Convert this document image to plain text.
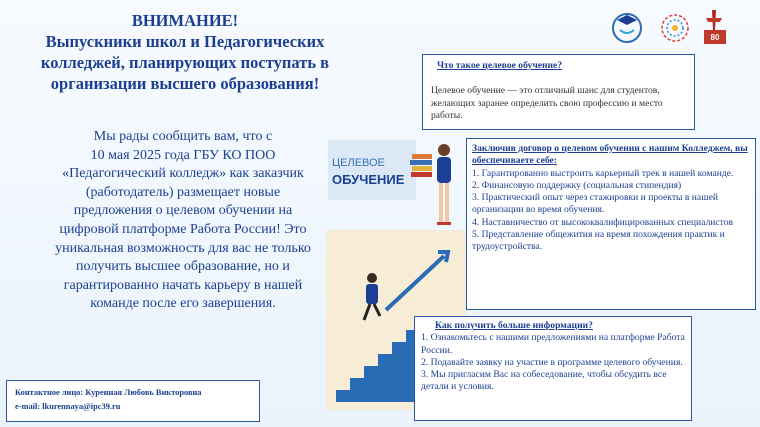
80
ВНИМАНИЕ!
Выпускники школ и Педагогических
колледжей, планирующих поступать в
организации высшего образования!
Мы рады сообщить вам, что с
10 мая 2025 года ГБУ КО ПОО
«Педагогический колледж» как заказчик
(работодатель) размещает новые
предложения о целевом обучении на
цифровой платформе Работа России! Это
уникальная возможность для вас не только
получить высшее образование, но и
гарантированно начать карьеру в нашей
команде после его завершения.
ЦЕЛЕВОЕ
ОБУЧЕНИЕ
Что такое целевое обучение?
Целевое обучение — это отличный шанс для студентов, желающих заранее определить свою профессию и место работы.
Заключив договор о целевом обучении с нашим Колледжем, вы обеспечиваете себе:
1. Гарантированно выстроить карьерный трек в нашей команде.
2. Финансовую поддержку (социальная стипендия)
3. Практический опыт через стажировки и проекты в нашей организации во время обучения.
4. Наставничество от высококвалифицированных специалистов
5. Представление общежития на время похождения практик и трудоустройства.
Как получить больше информации?
1. Ознакомьтесь с нашими предложениями на платформе Работа России.
2. Подавайте заявку на участие в программе целевого обучения.
3. Мы пригласим Вас на собеседование, чтобы обсудить все детали и условия.
Контактное лицо: Куренная Любовь Викторовна
e-mail: lkurennaya@ipc39.ru
